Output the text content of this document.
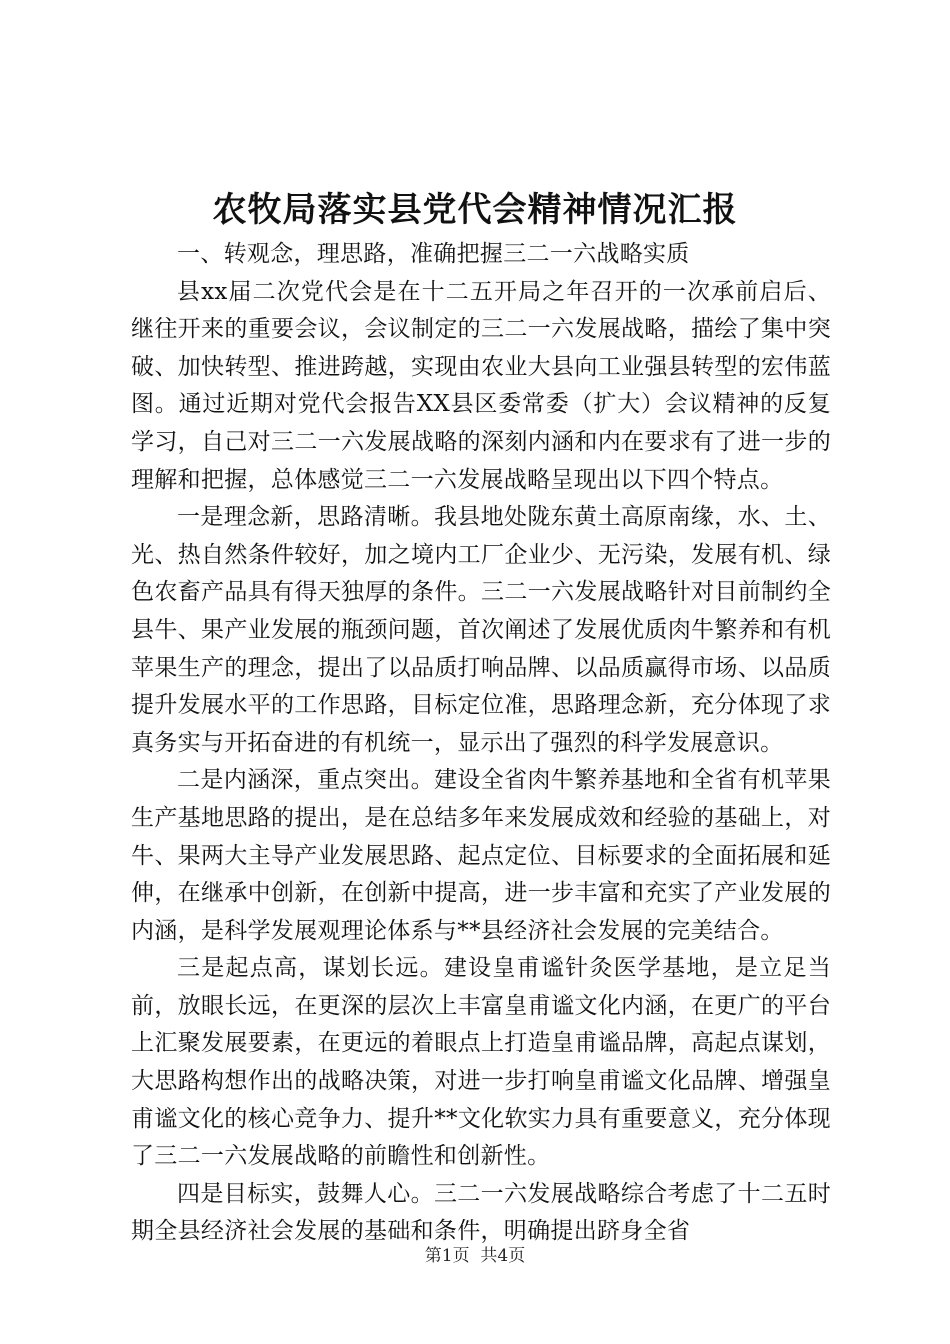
农牧局落实县党代会精神情况汇报

一、转观念，理思路，准确把握三二一六战略实质

县xx届二次党代会是在十二五开局之年召开的一次承前启后、继往开来的重要会议，会议制定的三二一六发展战略，描绘了集中突破、加快转型、推进跨越，实现由农业大县向工业强县转型的宏伟蓝图。通过近期对党代会报告XX县区委常委（扩大）会议精神的反复学习，自己对三二一六发展战略的深刻内涵和内在要求有了进一步的理解和把握，总体感觉三二一六发展战略呈现出以下四个特点。

一是理念新，思路清晰。我县地处陇东黄土高原南缘，水、土、光、热自然条件较好，加之境内工厂企业少、无污染，发展有机、绿色农畜产品具有得天独厚的条件。三二一六发展战略针对目前制约全县牛、果产业发展的瓶颈问题，首次阐述了发展优质肉牛繁养和有机苹果生产的理念，提出了以品质打响品牌、以品质赢得市场、以品质提升发展水平的工作思路，目标定位准，思路理念新，充分体现了求真务实与开拓奋进的有机统一，显示出了强烈的科学发展意识。

二是内涵深，重点突出。建设全省肉牛繁养基地和全省有机苹果生产基地思路的提出，是在总结多年来发展成效和经验的基础上，对牛、果两大主导产业发展思路、起点定位、目标要求的全面拓展和延伸，在继承中创新，在创新中提高，进一步丰富和充实了产业发展的内涵，是科学发展观理论体系与**县经济社会发展的完美结合。

三是起点高，谋划长远。建设皇甫谧针灸医学基地，是立足当前，放眼长远，在更深的层次上丰富皇甫谧文化内涵，在更广的平台上汇聚发展要素，在更远的着眼点上打造皇甫谧品牌，高起点谋划，大思路构想作出的战略决策，对进一步打响皇甫谧文化品牌、增强皇甫谧文化的核心竞争力、提升**文化软实力具有重要意义，充分体现了三二一六发展战略的前瞻性和创新性。

四是目标实，鼓舞人心。三二一六发展战略综合考虑了十二五时期全县经济社会发展的基础和条件，明确提出跻身全省

第1页 共4页
